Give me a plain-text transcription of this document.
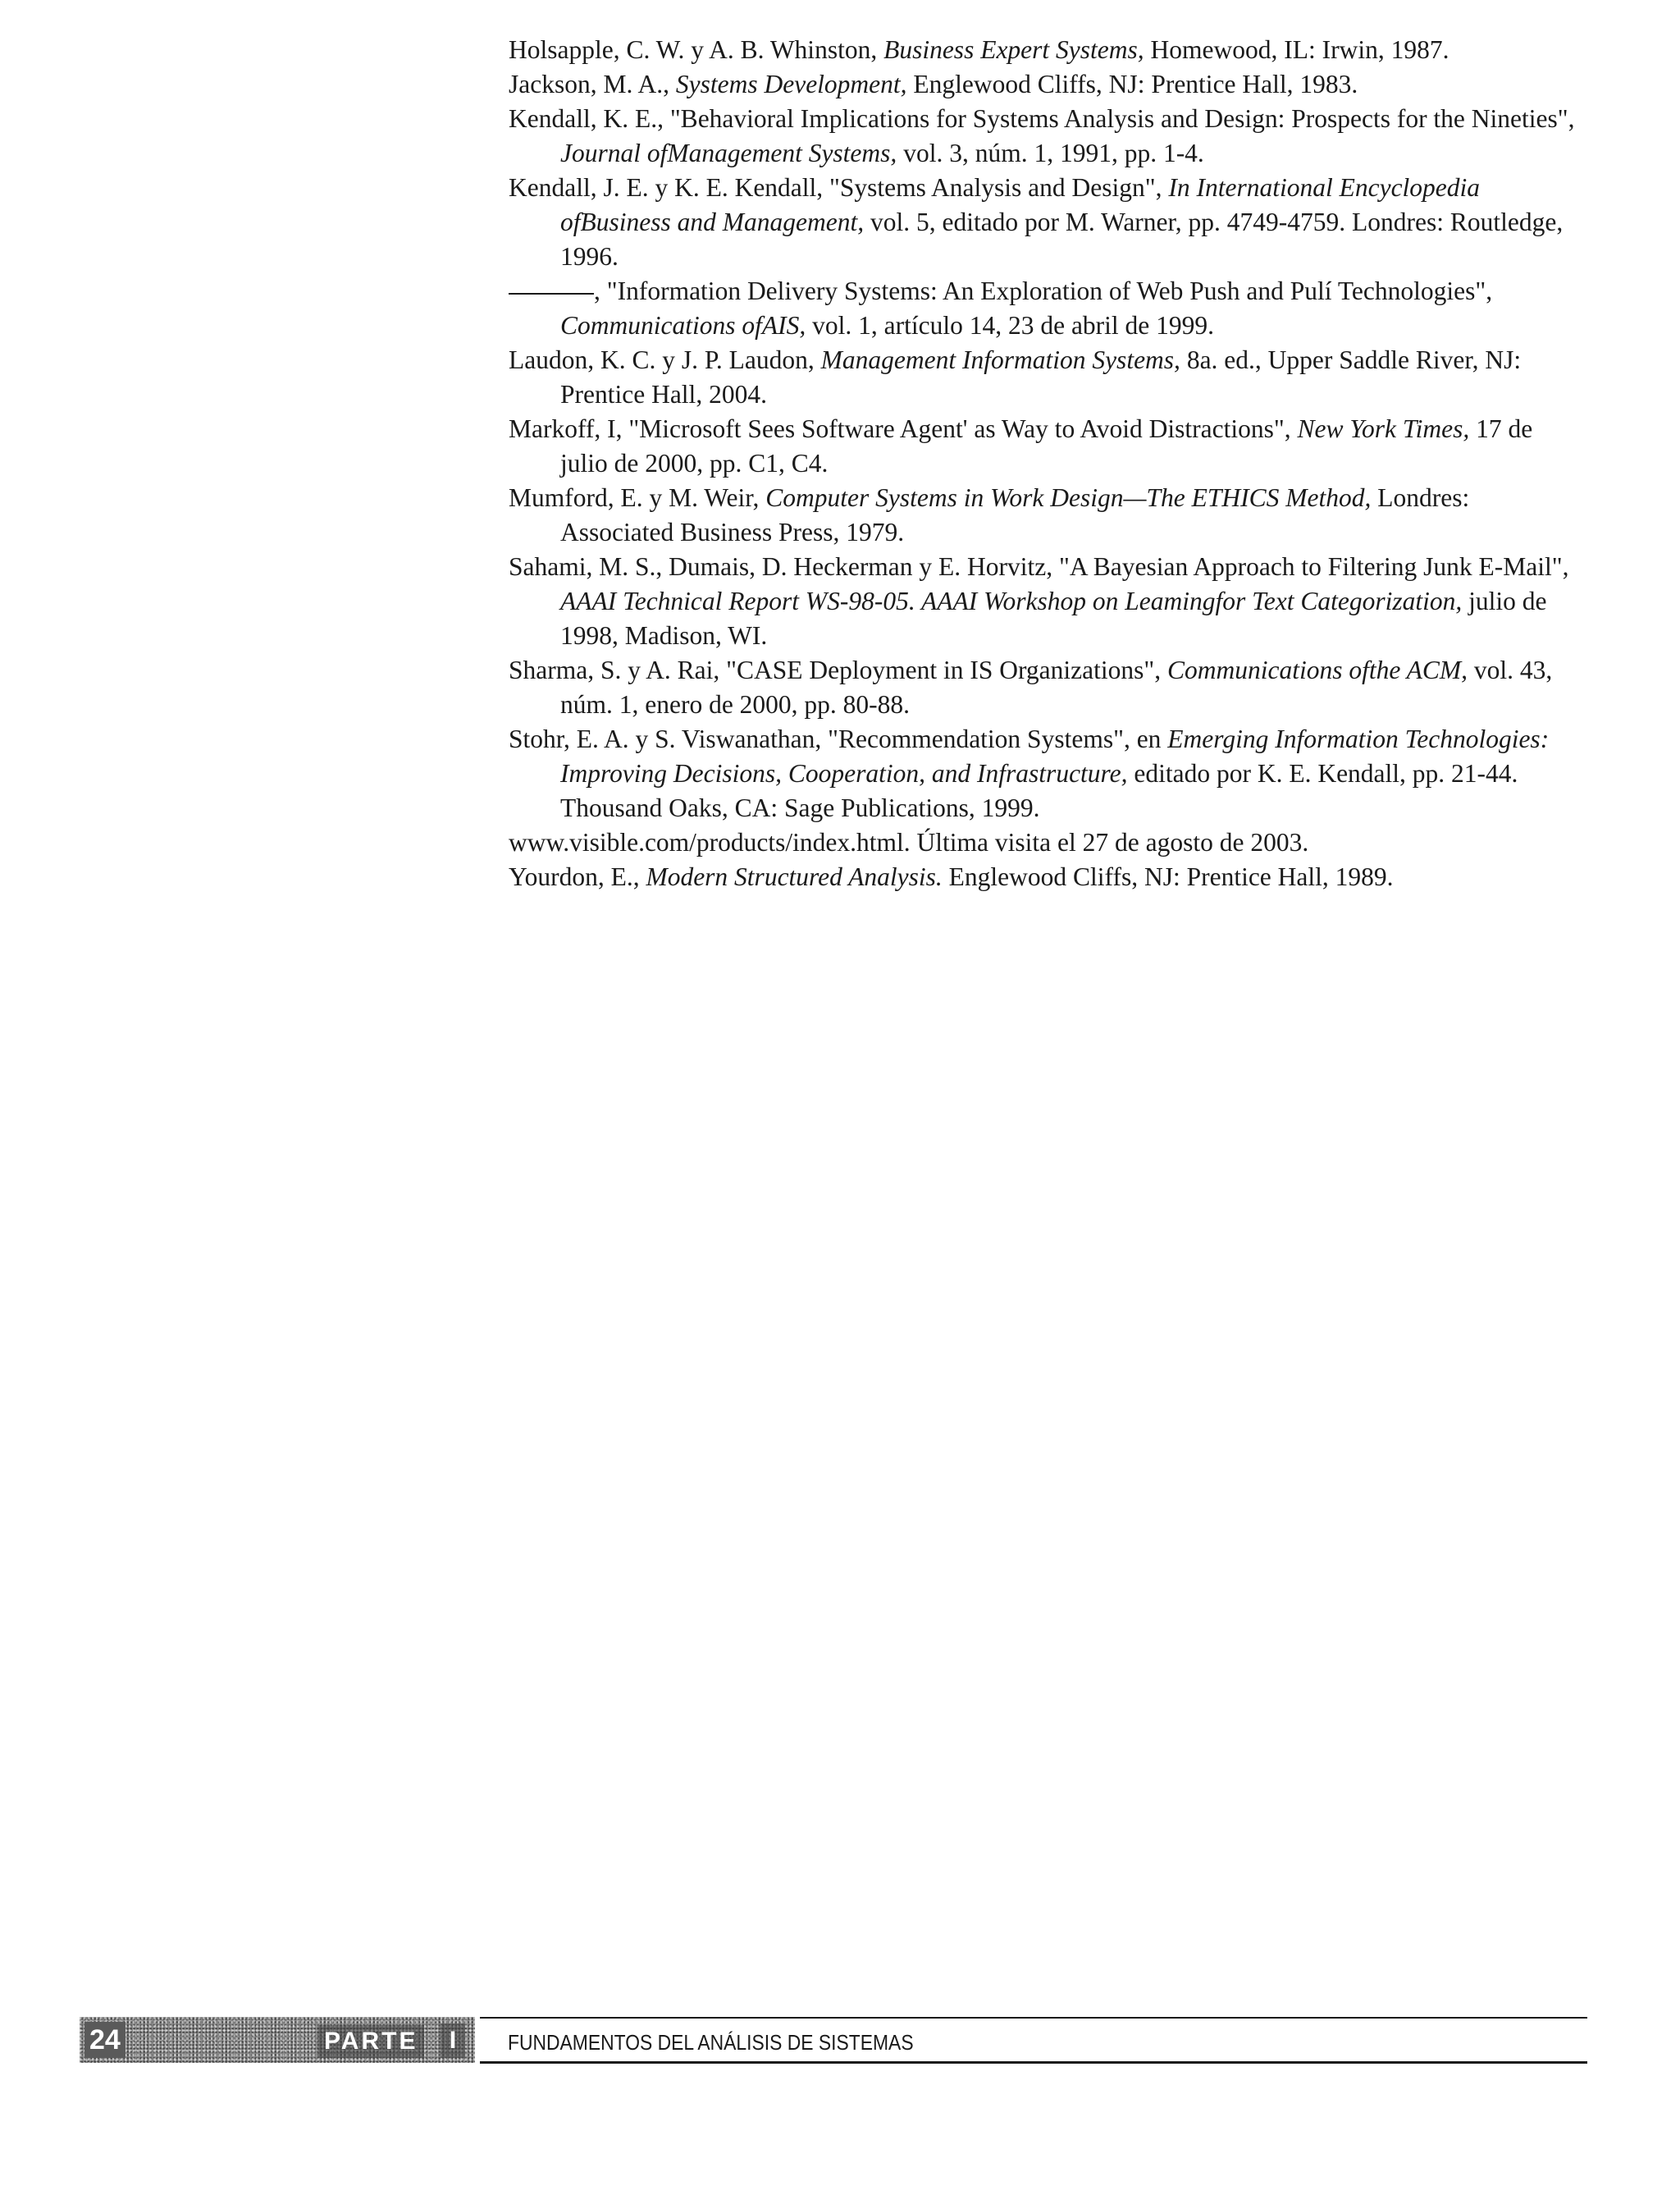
Holsapple, C. W. y A. B. Whinston, Business Expert Systems, Homewood, IL: Irwin, 1987.

Jackson, M. A., Systems Development, Englewood Cliffs, NJ: Prentice Hall, 1983.

Kendall, K. E., "Behavioral Implications for Systems Analysis and Design: Prospects for the Nineties", Journal ofManagement Systems, vol. 3, núm. 1, 1991, pp. 1-4.

Kendall, J. E. y K. E. Kendall, "Systems Analysis and Design", In International Encyclopedia ofBusiness and Management, vol. 5, editado por M. Warner, pp. 4749-4759. Londres: Routledge, 1996.

, "Information Delivery Systems: An Exploration of Web Push and Pulí Technologies", Communications ofAIS, vol. 1, artículo 14, 23 de abril de 1999.

Laudon, K. C. y J. P. Laudon, Management Information Systems, 8a. ed., Upper Saddle River, NJ: Prentice Hall, 2004.

Markoff, I, "Microsoft Sees Software Agent' as Way to Avoid Distractions", New York Times, 17 de julio de 2000, pp. C1, C4.

Mumford, E. y M. Weir, Computer Systems in Work Design—The ETHICS Method, Londres: Associated Business Press, 1979.

Sahami, M. S., Dumais, D. Heckerman y E. Horvitz, "A Bayesian Approach to Filtering Junk E-Mail", AAAI Technical Report WS-98-05. AAAI Workshop on Leamingfor Text Categorization, julio de 1998, Madison, WI.

Sharma, S. y A. Rai, "CASE Deployment in IS Organizations", Communications ofthe ACM, vol. 43, núm. 1, enero de 2000, pp. 80-88.

Stohr, E. A. y S. Viswanathan, "Recommendation Systems", en Emerging Information Technologies: Improving Decisions, Cooperation, and Infrastructure, editado por K. E. Kendall, pp. 21-44. Thousand Oaks, CA: Sage Publications, 1999.

www.visible.com/products/index.html. Última visita el 27 de agosto de 2003.

Yourdon, E., Modern Structured Analysis. Englewood Cliffs, NJ: Prentice Hall, 1989.

24	PARTE	I	FUNDAMENTOS DEL ANÁLISIS DE SISTEMAS
